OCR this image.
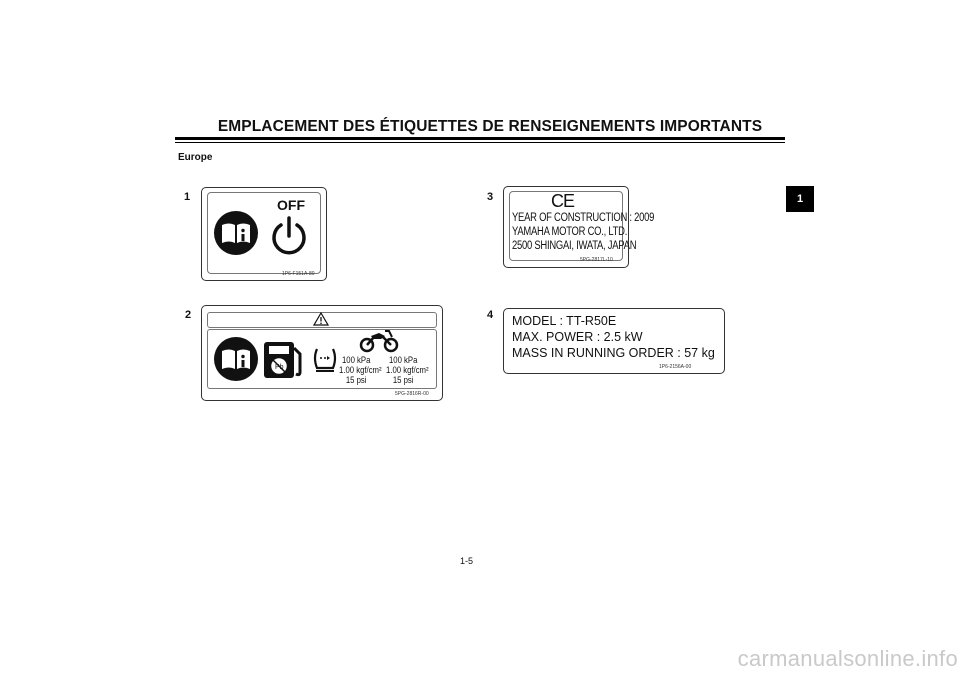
EMPLACEMENT DES ÉTIQUETTES DE RENSEIGNEMENTS IMPORTANTS
Europe
1
1	OFF
1P6-F151A-80
2
Pb
100 kPa
1.00 kgf/cm²
15 psi
100 kPa
1.00 kgf/cm²
15 psi
5PG-2816R-00
3	CE
YEAR OF CONSTRUCTION : 2009
YAMAHA MOTOR CO., LTD.
2500 SHINGAI, IWATA, JAPAN
5PG-2817L-10
4 MODEL : TT-R50E
MAX. POWER : 2.5 kW
MASS IN RUNNING ORDER : 57 kg
1P6-2156A-00
1-5
carmanualsonline.info
